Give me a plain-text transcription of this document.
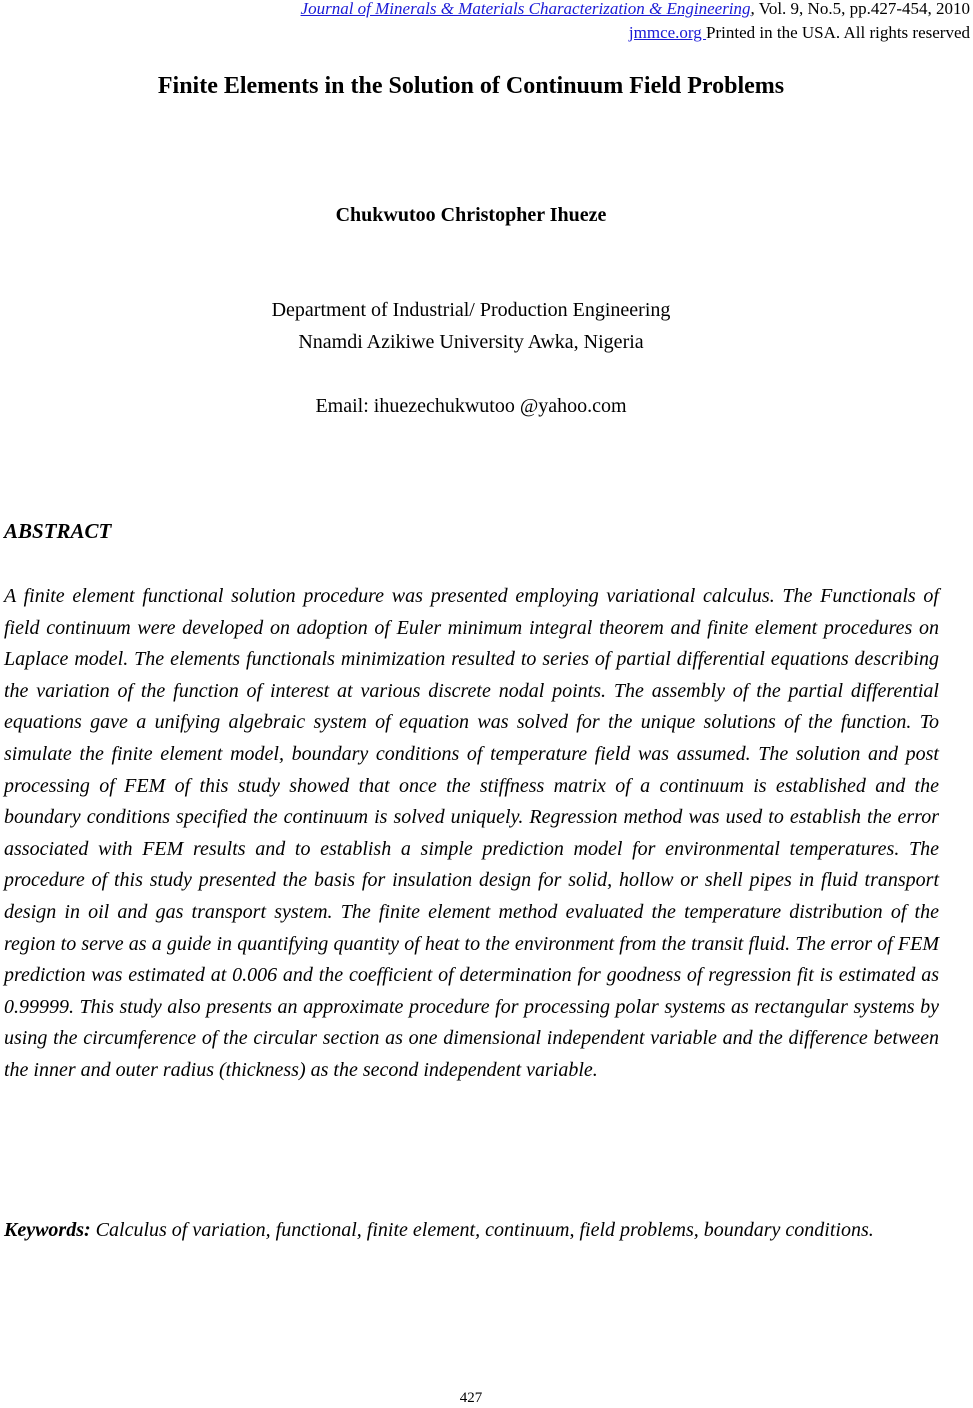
Journal of Minerals & Materials Characterization & Engineering, Vol. 9, No.5, pp.427-454, 2010
jmmce.org Printed in the USA. All rights reserved
Finite Elements in the Solution of Continuum Field Problems
Chukwutoo Christopher Ihueze
Department of Industrial/ Production Engineering
Nnamdi Azikiwe University Awka, Nigeria
Email: ihuezechukwutoo @yahoo.com
ABSTRACT

A finite element functional solution procedure was presented employing variational calculus. The Functionals of field continuum were developed on adoption of Euler minimum integral theorem and finite element procedures on Laplace model. The elements functionals minimization resulted to series of partial differential equations describing the variation of the function of interest at various discrete nodal points. The assembly of the partial differential equations gave a unifying algebraic system of equation was solved for the unique solutions of the function. To simulate the finite element model, boundary conditions of temperature field was assumed. The solution and post processing of FEM of this study showed that once the stiffness matrix of a continuum is established and the boundary conditions specified the continuum is solved uniquely. Regression method was used to establish the error associated with FEM results and to establish a simple prediction model for environmental temperatures. The procedure of this study presented the basis for insulation design for solid, hollow or shell pipes in fluid transport design in oil and gas transport system. The finite element method evaluated the temperature distribution of the region to serve as a guide in quantifying quantity of heat to the environment from the transit fluid. The error of FEM prediction was estimated at 0.006 and the coefficient of determination for goodness of regression fit is estimated as 0.99999. This study also presents an approximate procedure for processing polar systems as rectangular systems by using the circumference of the circular section as one dimensional independent variable and the difference between the inner and outer radius (thickness) as the second independent variable.

Keywords: Calculus of variation, functional, finite element, continuum, field problems, boundary conditions.

427
